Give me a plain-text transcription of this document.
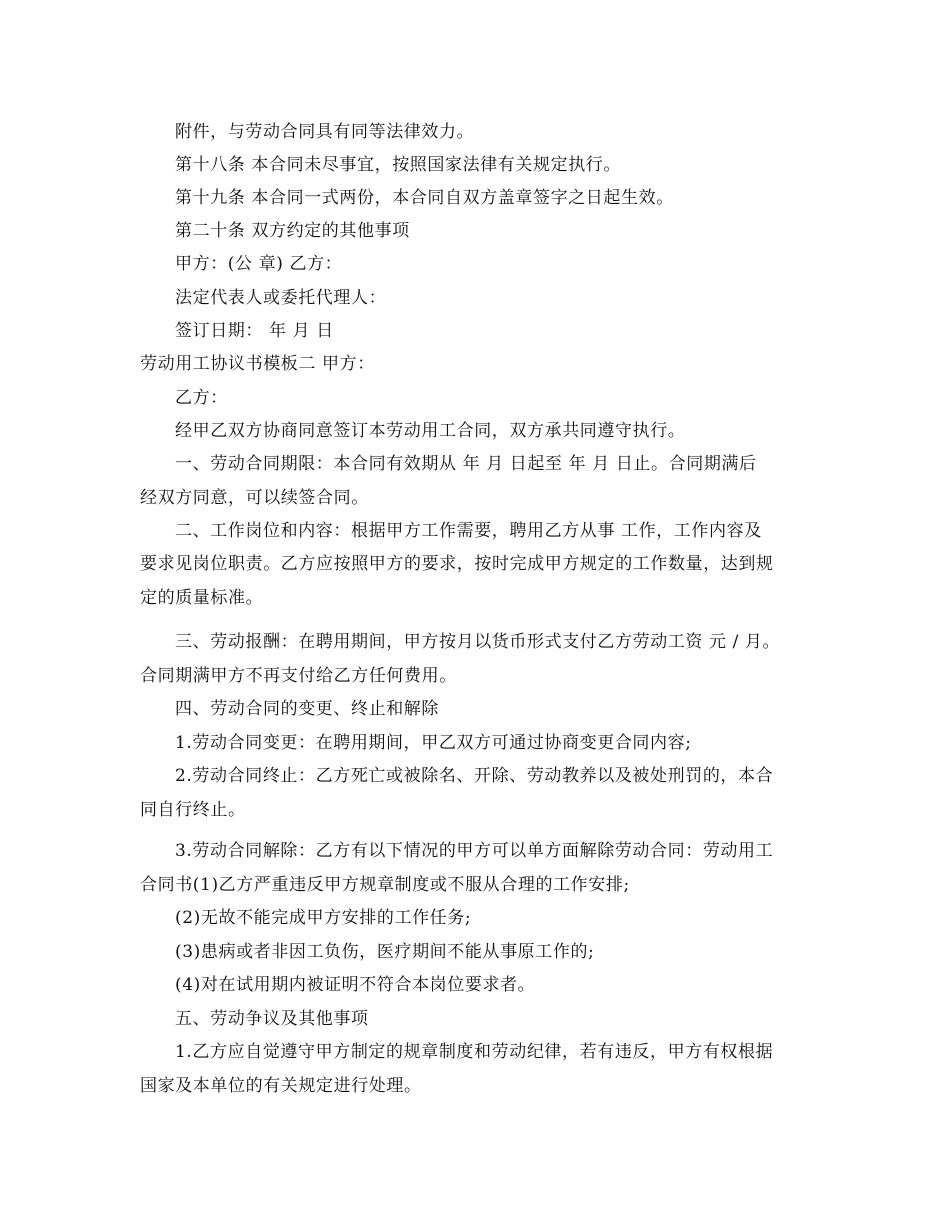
附件，与劳动合同具有同等法律效力。
第十八条 本合同未尽事宜，按照国家法律有关规定执行。
第十九条 本合同一式两份，本合同自双方盖章签字之日起生效。
第二十条 双方约定的其他事项
甲方：(公 章) 乙方：
法定代表人或委托代理人：
签订日期： 年 月 日
劳动用工协议书模板二 甲方：
乙方：
经甲乙双方协商同意签订本劳动用工合同，双方承共同遵守执行。
一、劳动合同期限：本合同有效期从 年 月 日起至 年 月 日止。合同期满后
经双方同意，可以续签合同。
二、工作岗位和内容：根据甲方工作需要，聘用乙方从事 工作，工作内容及
要求见岗位职责。乙方应按照甲方的要求，按时完成甲方规定的工作数量，达到规
定的质量标准。
三、劳动报酬：在聘用期间，甲方按月以货币形式支付乙方劳动工资 元 / 月。
合同期满甲方不再支付给乙方任何费用。
四、劳动合同的变更、终止和解除
1.劳动合同变更：在聘用期间，甲乙双方可通过协商变更合同内容;
2.劳动合同终止：乙方死亡或被除名、开除、劳动教养以及被处刑罚的，本合
同自行终止。
3.劳动合同解除：乙方有以下情况的甲方可以单方面解除劳动合同：劳动用工
合同书(1)乙方严重违反甲方规章制度或不服从合理的工作安排;
(2)无故不能完成甲方安排的工作任务;
(3)患病或者非因工负伤，医疗期间不能从事原工作的;
(4)对在试用期内被证明不符合本岗位要求者。
五、劳动争议及其他事项
1.乙方应自觉遵守甲方制定的规章制度和劳动纪律，若有违反，甲方有权根据
国家及本单位的有关规定进行处理。
